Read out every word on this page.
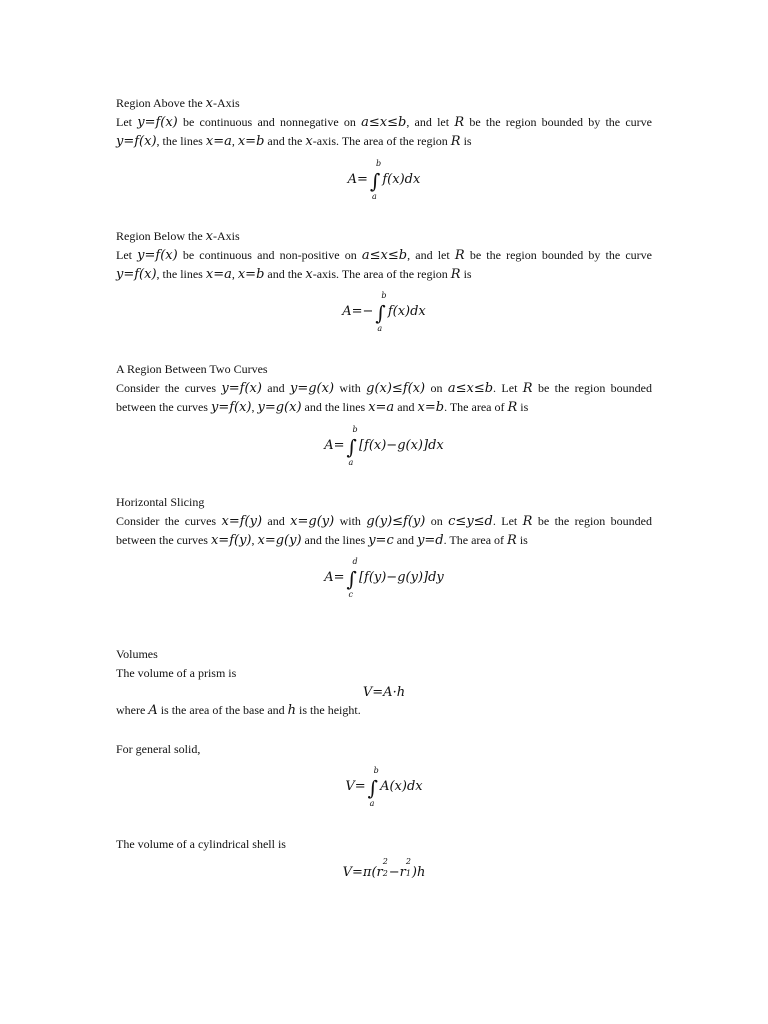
Region Above the x-Axis

Let y=f(x) be continuous and nonnegative on a≤x≤b, and let R be the region bounded by the curve y=f(x), the lines x=a, x=b and the x-axis. The area of the region R is

A= ∫
b
a
f(x)dx

Region Below the x-Axis

Let y=f(x) be continuous and non-positive on a≤x≤b, and let R be the region bounded by the curve y=f(x), the lines x=a, x=b and the x-axis. The area of the region R is

A=− ∫
b
a
f(x)dx

A Region Between Two Curves

Consider the curves y=f(x) and y=g(x) with g(x)≤f(x) on a≤x≤b. Let R be the region bounded between the curves y=f(x), y=g(x) and the lines x=a and x=b. The area of R is

A= ∫
b
a
[f(x)−g(x)]dx

Horizontal Slicing

Consider the curves x=f(y) and x=g(y) with g(y)≤f(y) on c≤y≤d. Let R be the region bounded between the curves x=f(y), x=g(y) and the lines y=c and y=d. The area of R is

A= ∫
d
c
[f(y)−g(y)]dy

Volumes

The volume of a prism is

V=A·h

where A is the area of the base and h is the height.

For general solid,

V= ∫
b
a
A(x)dx

The volume of a cylindrical shell is

V=π(r
2
2 −r
2
1 )h
